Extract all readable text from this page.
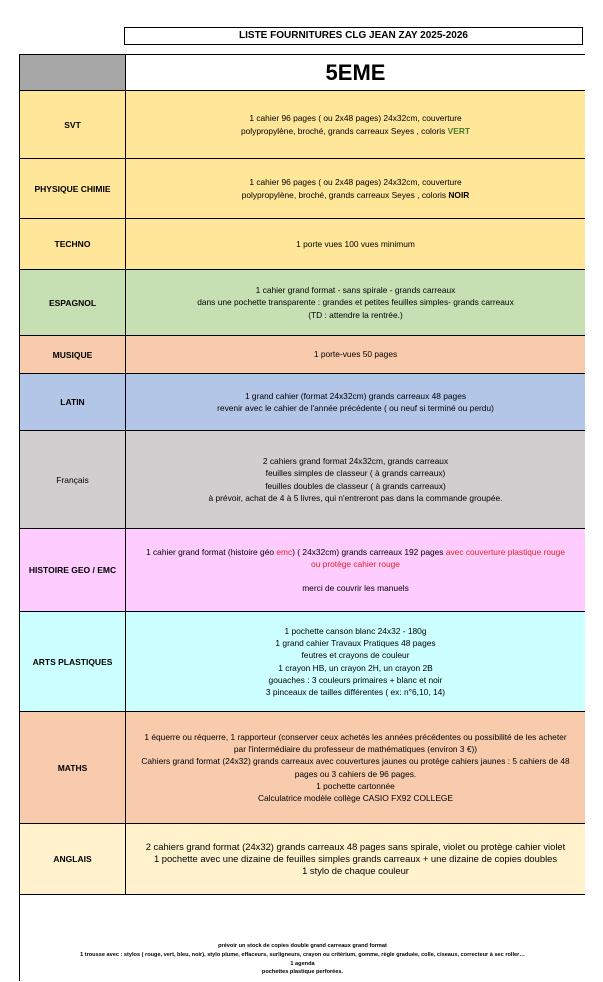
LISTE FOURNITURES CLG JEAN ZAY 2025-2026
5EME
SVT
1 cahier 96 pages ( ou 2x48 pages) 24x32cm, couverture
polypropylène, broché, grands carreaux Seyes , coloris VERT
PHYSIQUE CHIMIE
1 cahier 96 pages ( ou 2x48 pages) 24x32cm, couverture
polypropylène, broché, grands carreaux Seyes , coloris NOIR
TECHNO	1 porte vues 100 vues minimum
ESPAGNOL
1 cahier grand format - sans spirale - grands carreaux
dans une pochette transparente : grandes et petites feuilles simples- grands carreaux
(TD : attendre la rentrée.)
MUSIQUE	1 porte-vues 50 pages
LATIN
1 grand cahier (format 24x32cm) grands carreaux 48 pages
revenir avec le cahier de l'année précédente ( ou neuf si terminé ou perdu)
Français
2 cahiers grand format 24x32cm, grands carreaux
feuilles simples de classeur ( à grands carreaux)
feuilles doubles de classeur ( à grands carreaux)
à prévoir, achat de 4 à 5 livres, qui n'entreront pas dans la commande groupée.
HISTOIRE GEO / EMC
1 cahier grand format (histoire géo emc) ( 24x32cm) grands carreaux 192 pages avec couverture plastique rouge
ou protège cahier rouge
merci de couvrir les manuels
ARTS PLASTIQUES
1 pochette canson blanc 24x32 - 180g
1 grand cahier Travaux Pratiques 48 pages
feutres et crayons de couleur
1 crayon HB, un crayon 2H, un crayon 2B
gouaches : 3 couleurs primaires + blanc et noir
3 pinceaux de tailles différentes ( ex: n°6,10, 14)
MATHS
1 équerre ou réquerre, 1 rapporteur (conserver ceux achetés les années précédentes ou possibilité de les acheter
par l'intermédiaire du professeur de mathématiques (environ 3 €))
Cahiers grand format (24x32) grands carreaux avec couvertures jaunes ou protège cahiers jaunes : 5 cahiers de 48
pages ou 3 cahiers de 96 pages.
1 pochette cartonnée
Calculatrice modèle collège CASIO FX92 COLLEGE
ANGLAIS
2 cahiers grand format (24x32) grands carreaux 48 pages sans spirale, violet ou protège cahier violet
1 pochette avec une dizaine de feuilles simples grands carreaux + une dizaine de copies doubles
1 stylo de chaque couleur
prévoir un stock de copies double grand carreaux grand format
1 trousse avec : stylos ( rouge, vert, bleu, noir), stylo plume, effaceurs, surligneurs, crayon ou critérium, gomme, règle graduée, colle, ciseaux, correcteur à sec roller…
1 agenda
pochettes plastique perforées.
